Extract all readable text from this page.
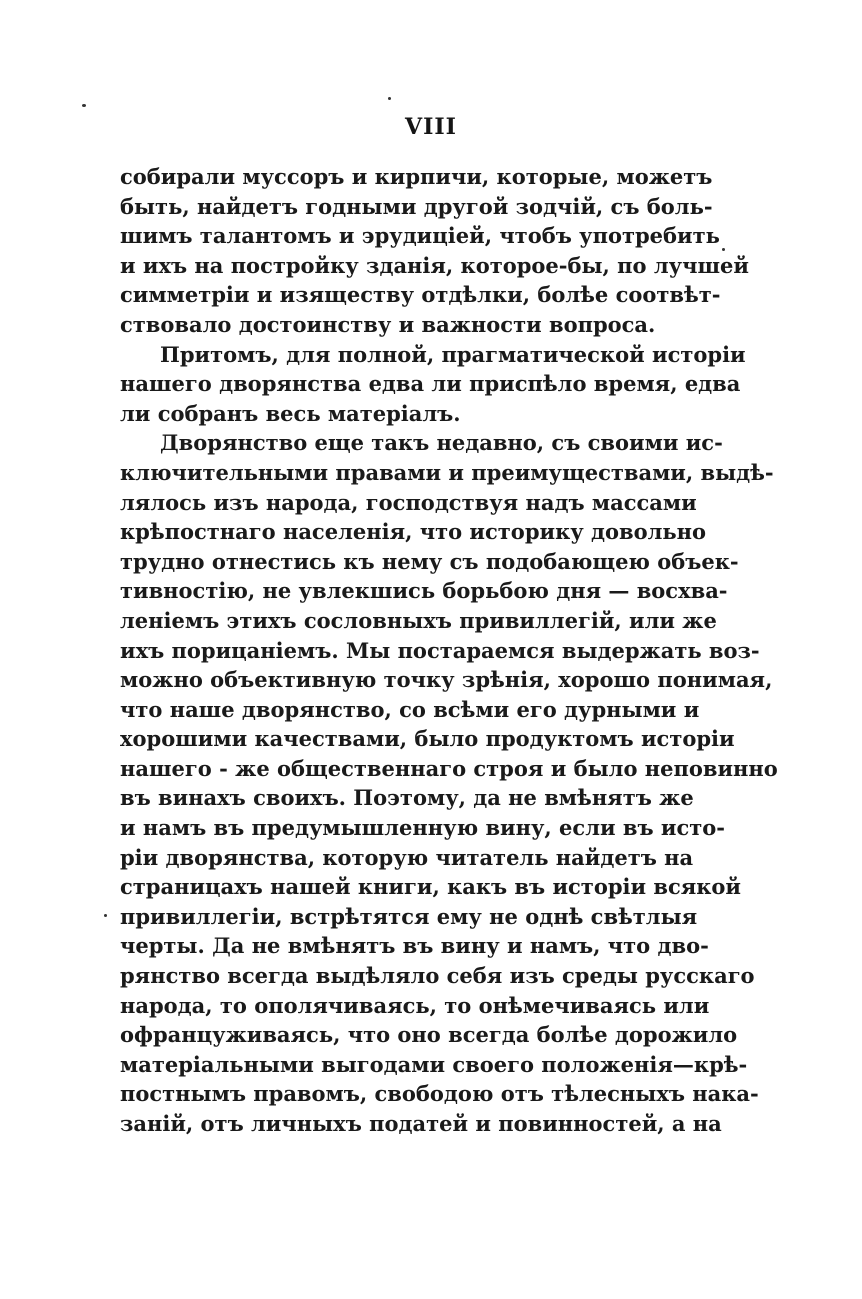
VIII
собирали муссоръ и кирпичи, которые, можетъ
быть, найдетъ годными другой зодчій, съ боль-
шимъ талантомъ и эрудиціей, чтобъ употребить
и ихъ на постройку зданія, которое-бы, по лучшей
симметріи и изяществу отдѣлки, болѣе соотвѣт-
ствовало достоинству и важности вопроса.
Притомъ, для полной, прагматической исторіи
нашего дворянства едва ли приспѣло время, едва
ли собранъ весь матеріалъ.
Дворянство еще такъ недавно, съ своими ис-
ключительными правами и преимуществами, выдѣ-
лялось изъ народа, господствуя надъ массами
крѣпостнаго населенія, что историку довольно
трудно отнестись къ нему съ подобающею объек-
тивностію, не увлекшись борьбою дня — восхва-
леніемъ этихъ сословныхъ привиллегій, или же
ихъ порицаніемъ. Мы постараемся выдержать воз-
можно объективную точку зрѣнія, хорошо понимая,
что наше дворянство, со всѣми его дурными и
хорошими качествами, было продуктомъ исторіи
нашего - же общественнаго строя и было неповинно
въ винахъ своихъ. Поэтому, да не вмѣнятъ же
и намъ въ предумышленную вину, если въ исто-
ріи дворянства, которую читатель найдетъ на
страницахъ нашей книги, какъ въ исторіи всякой
привиллегіи, встрѣтятся ему не однѣ свѣтлыя
черты. Да не вмѣнятъ въ вину и намъ, что дво-
рянство всегда выдѣляло себя изъ среды русскаго
народа, то ополячиваясь, то онѣмечиваясь или
офранцуживаясь, что оно всегда болѣе дорожило
матеріальными выгодами своего положенія—крѣ-
постнымъ правомъ, свободою отъ тѣлесныхъ нака-
заній, отъ личныхъ податей и повинностей, а на
